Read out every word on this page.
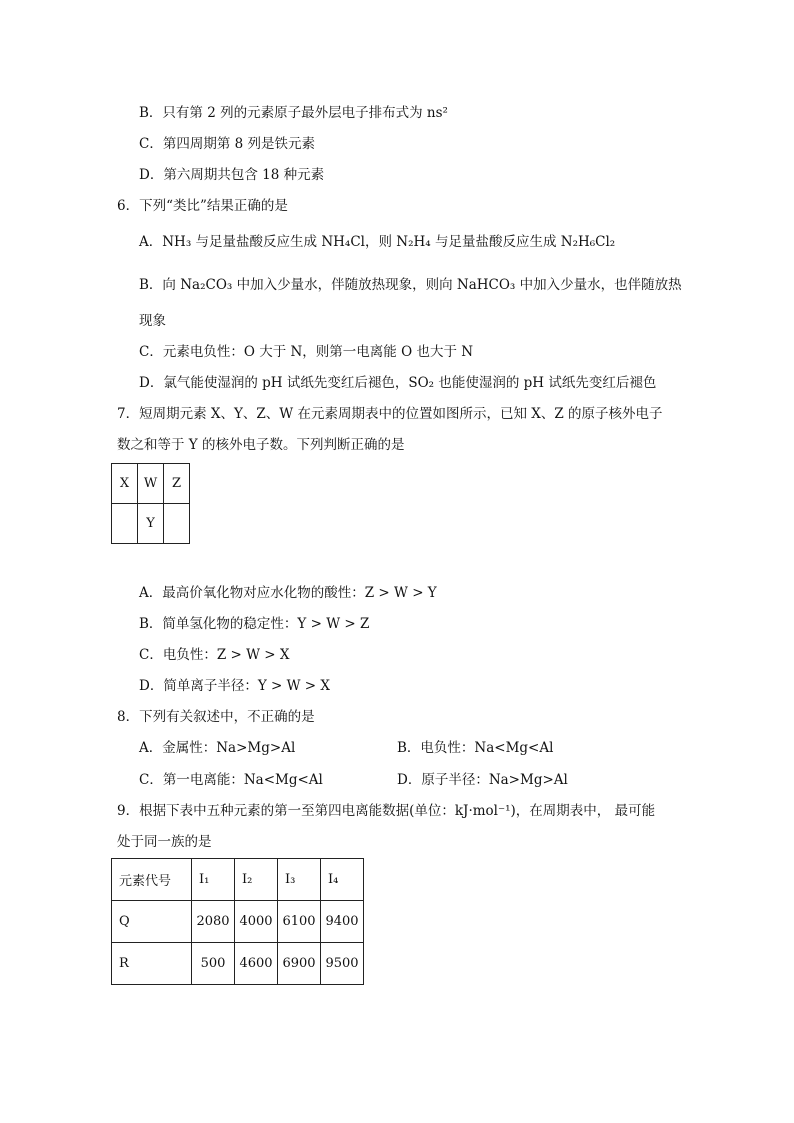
B．只有第 2 列的元素原子最外层电子排布式为 ns²
C．第四周期第 8 列是铁元素
D．第六周期共包含 18 种元素
6．下列“类比”结果正确的是
A．NH₃ 与足量盐酸反应生成 NH₄Cl，则 N₂H₄ 与足量盐酸反应生成 N₂H₆Cl₂
B．向 Na₂CO₃ 中加入少量水，伴随放热现象，则向 NaHCO₃ 中加入少量水，也伴随放热
现象
C．元素电负性：O 大于 N，则第一电离能 O 也大于 N
D．氯气能使湿润的 pH 试纸先变红后褪色，SO₂ 也能使湿润的 pH 试纸先变红后褪色
7．短周期元素 X、Y、Z、W 在元素周期表中的位置如图所示，已知 X、Z 的原子核外电子
数之和等于 Y 的核外电子数。下列判断正确的是
X	W	Z
	Y	
A．最高价氧化物对应水化物的酸性：Z > W > Y
B．简单氢化物的稳定性：Y > W > Z
C．电负性：Z > W > X
D．简单离子半径：Y > W > X
8．下列有关叙述中，不正确的是
A．金属性：Na>Mg>Al	B．电负性：Na<Mg<Al
C．第一电离能：Na<Mg<Al	D．原子半径：Na>Mg>Al
9．根据下表中五种元素的第一至第四电离能数据(单位：kJ·mol⁻¹)，在周期表中， 最可能
处于同一族的是
元素代号	I₁	I₂	I₃	I₄
Q	2080	4000	6100	9400
R	500	4600	6900	9500
